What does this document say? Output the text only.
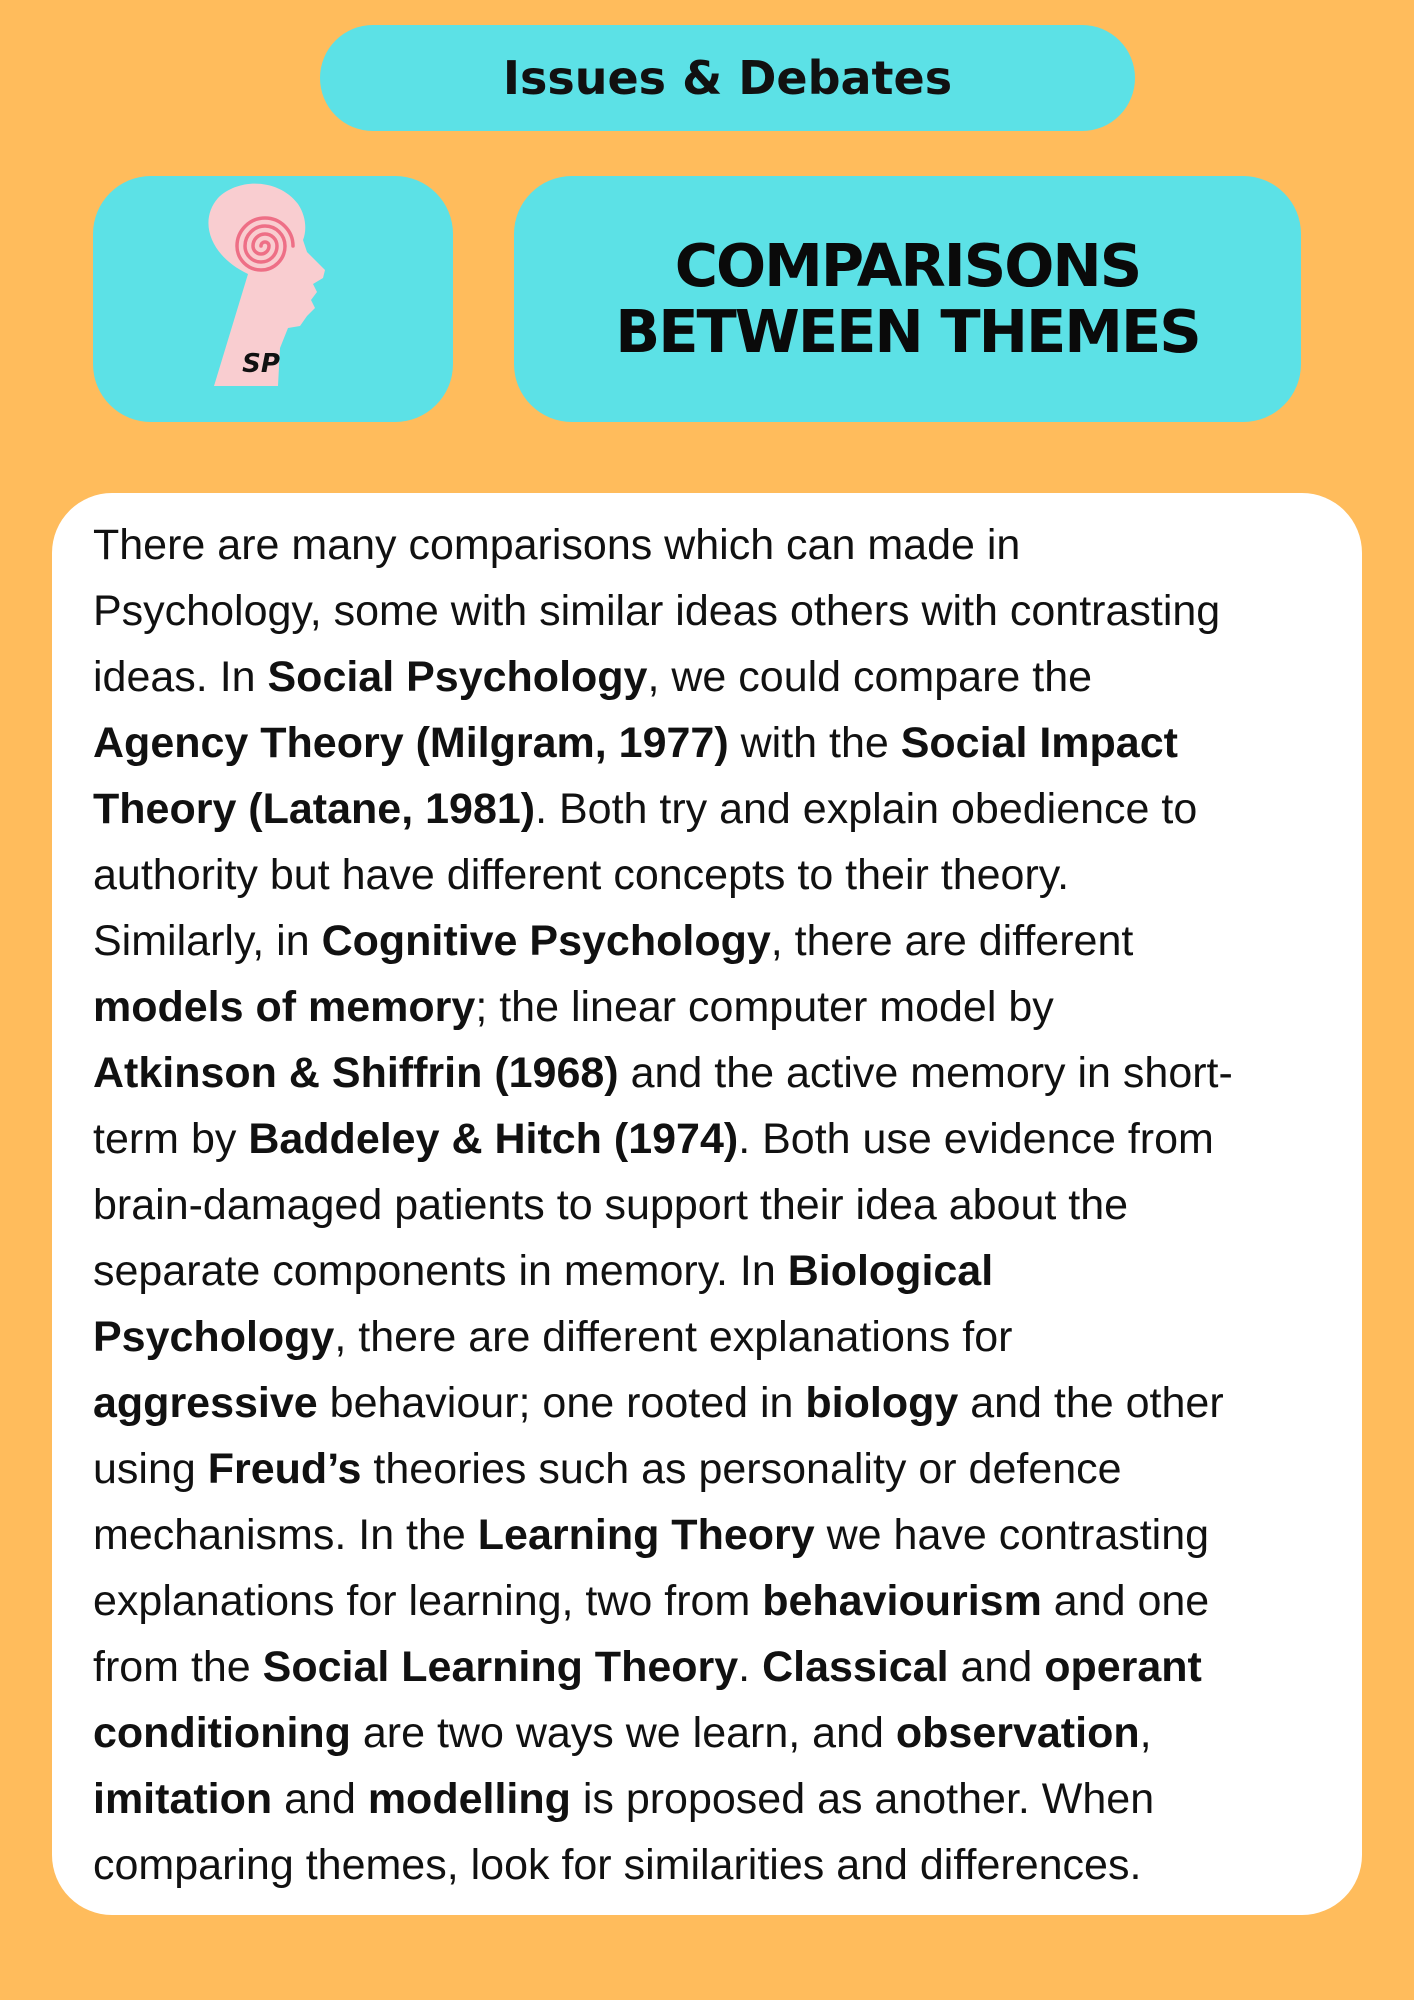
Issues & Debates
SP
COMPARISONS
BETWEEN THEMES
There are many comparisons which can made in
Psychology, some with similar ideas others with contrasting
ideas. In Social Psychology, we could compare the
Agency Theory (Milgram, 1977) with the Social Impact
Theory (Latane, 1981). Both try and explain obedience to
authority but have different concepts to their theory.
Similarly, in Cognitive Psychology, there are different
models of memory; the linear computer model by
Atkinson & Shiffrin (1968) and the active memory in short-
term by Baddeley & Hitch (1974). Both use evidence from
brain-damaged patients to support their idea about the
separate components in memory. In Biological
Psychology, there are different explanations for
aggressive behaviour; one rooted in biology and the other
using Freud’s theories such as personality or defence
mechanisms. In the Learning Theory we have contrasting
explanations for learning, two from behaviourism and one
from the Social Learning Theory. Classical and operant
conditioning are two ways we learn, and observation,
imitation and modelling is proposed as another. When
comparing themes, look for similarities and differences.
